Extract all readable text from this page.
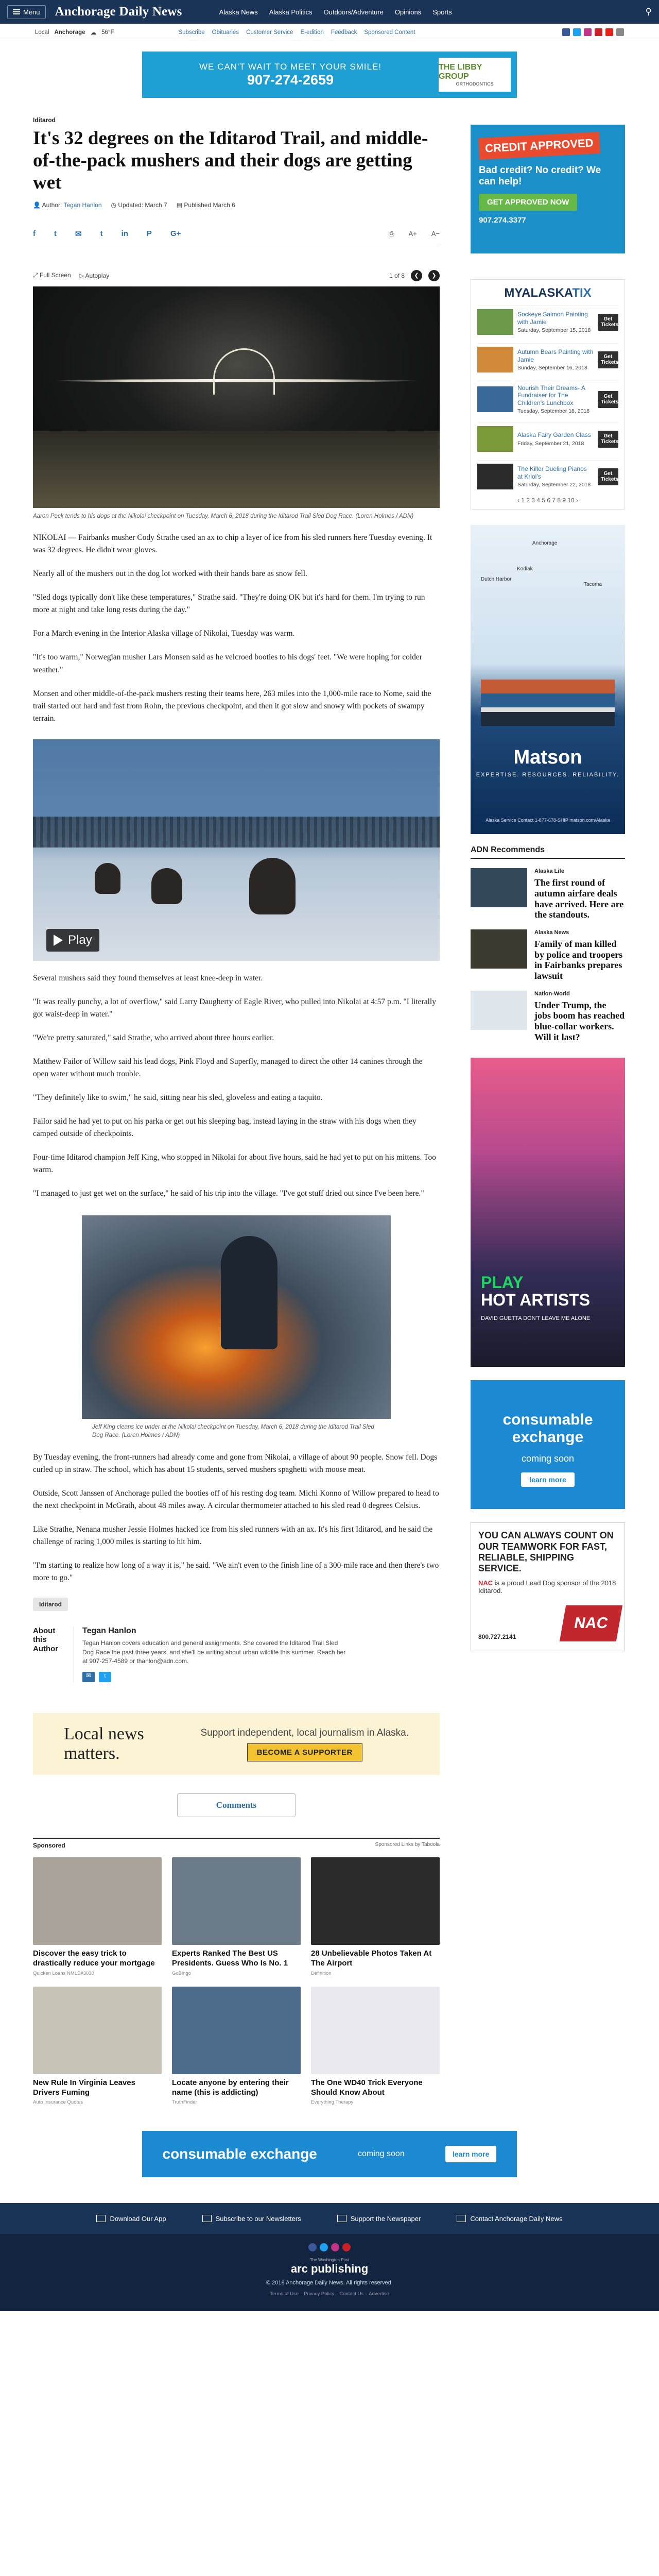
Menu Anchorage Daily News	Alaska News Alaska Politics Outdoors/Adventure Opinions Sports	⚲
Local Anchorage ☁ 56°F	Subscribe Obituaries Customer Service E-edition Feedback Sponsored Content
WE CAN'T WAIT TO MEET YOUR SMILE!
907-274-2659
THE LIBBY GROUP
ORTHODONTICS
Iditarod
It's 32 degrees on the Iditarod Trail, and middle-of-the-pack mushers and their dogs are getting wet
👤 Author: Tegan Hanlon ◷ Updated: March 7 ▤ Published March 6
f t ✉ t in P G+	⎙ A+ A−
⤢ Full Screen ▷ Autoplay	1 of 8	❮	❯
Aaron Peck tends to his dogs at the Nikolai checkpoint on Tuesday, March 6, 2018 during the Iditarod Trail Sled Dog Race. (Loren Holmes / ADN)

NIKOLAI — Fairbanks musher Cody Strathe used an ax to chip a layer of ice from his sled runners here Tuesday evening. It was 32 degrees. He didn't wear gloves.

Nearly all of the mushers out in the dog lot worked with their hands bare as snow fell.

"Sled dogs typically don't like these temperatures," Strathe said. "They're doing OK but it's hard for them. I'm trying to run more at night and take long rests during the day."

For a March evening in the Interior Alaska village of Nikolai, Tuesday was warm.

"It's too warm," Norwegian musher Lars Monsen said as he velcroed booties to his dogs' feet. "We were hoping for colder weather."

Monsen and other middle-of-the-pack mushers resting their teams here, 263 miles into the 1,000-mile race to Nome, said the trail started out hard and fast from Rohn, the previous checkpoint, and then it got slow and snowy with pockets of swampy terrain.

Play

Several mushers said they found themselves at least knee-deep in water.

"It was really punchy, a lot of overflow," said Larry Daugherty of Eagle River, who pulled into Nikolai at 4:57 p.m. "I literally got waist-deep in water."

"We're pretty saturated," said Strathe, who arrived about three hours earlier.

Matthew Failor of Willow said his lead dogs, Pink Floyd and Superfly, managed to direct the other 14 canines through the open water without much trouble.

"They definitely like to swim," he said, sitting near his sled, gloveless and eating a taquito.

Failor said he had yet to put on his parka or get out his sleeping bag, instead laying in the straw with his dogs when they camped outside of checkpoints.

Four-time Iditarod champion Jeff King, who stopped in Nikolai for about five hours, said he had yet to put on his mittens. Too warm.

"I managed to just get wet on the surface," he said of his trip into the village. "I've got stuff dried out since I've been here."

Jeff King cleans ice under at the Nikolai checkpoint on Tuesday, March 6, 2018 during the Iditarod Trail Sled Dog Race. (Loren Holmes / ADN)

By Tuesday evening, the front-runners had already come and gone from Nikolai, a village of about 90 people. Snow fell. Dogs curled up in straw. The school, which has about 15 students, served mushers spaghetti with moose meat.

Outside, Scott Janssen of Anchorage pulled the booties off of his resting dog team. Michi Konno of Willow prepared to head to the next checkpoint in McGrath, about 48 miles away. A circular thermometer attached to his sled read 0 degrees Celsius.

Like Strathe, Nenana musher Jessie Holmes hacked ice from his sled runners with an ax. It's his first Iditarod, and he said the challenge of racing 1,000 miles is starting to hit him.

"I'm starting to realize how long of a way it is," he said. "We ain't even to the finish line of a 300-mile race and then there's two more to go."

Iditarod
About this Author
Tegan Hanlon
Tegan Hanlon covers education and general assignments. She covered the Iditarod Trail Sled Dog Race the past three years, and she'll be writing about urban wildlife this summer. Reach her at 907-257-4589 or thanlon@adn.com.
✉	t
Local news matters.
Support independent, local journalism in Alaska.
BECOME A SUPPORTER
Comments
Sponsored	Sponsored Links by Taboola
Discover the easy trick to drastically reduce your mortgage
Quicken Loans NMLS#3030
Experts Ranked The Best US Presidents. Guess Who Is No. 1
GoBingo
28 Unbelievable Photos Taken At The Airport
Definition
New Rule In Virginia Leaves Drivers Fuming
Auto Insurance Quotes
Locate anyone by entering their name (this is addicting)
TruthFinder
The One WD40 Trick Everyone Should Know About
Everything Therapy
CREDIT APPROVED
Bad credit? No credit? We can help!
GET APPROVED NOW
907.274.3377
MYALASKATIX
Sockeye Salmon Painting with Jamie
Saturday, September 15, 2018
Get Tickets
Autumn Bears Painting with Jamie
Sunday, September 16, 2018
Get Tickets
Nourish Their Dreams- A Fundraiser for The Children's Lunchbox
Tuesday, September 18, 2018
Get Tickets
Alaska Fairy Garden Class
Friday, September 21, 2018
Get Tickets
The Killer Dueling Pianos at Kriol's
Saturday, September 22, 2018
Get Tickets
‹ 1 2 3 4 5 6 7 8 9 10 ›
Anchorage
Kodiak
Dutch Harbor
Tacoma
Matson
EXPERTISE. RESOURCES. RELIABILITY.
Alaska Service Contact 1-877-678-SHIP matson.com/Alaska
ADN Recommends
Alaska Life
The first round of autumn airfare deals have arrived. Here are the standouts.
Alaska News
Family of man killed by police and troopers in Fairbanks prepares lawsuit
Nation-World
Under Trump, the jobs boom has reached blue-collar workers. Will it last?
PLAY
HOT ARTISTS
DAVID GUETTA DON'T LEAVE ME ALONE
consumable exchange
coming soon
learn more
YOU CAN ALWAYS COUNT ON OUR TEAMWORK FOR FAST, RELIABLE, SHIPPING SERVICE.
NAC is a proud Lead Dog sponsor of the 2018 Iditarod.
800.727.2141
NAC
consumable exchange	coming soon	learn more
Download Our App	Subscribe to our Newsletters	Support the Newspaper	Contact Anchorage Daily News
The Washington Post
arc publishing
© 2018 Anchorage Daily News. All rights reserved.
Terms of Use Privacy Policy Contact Us Advertise
